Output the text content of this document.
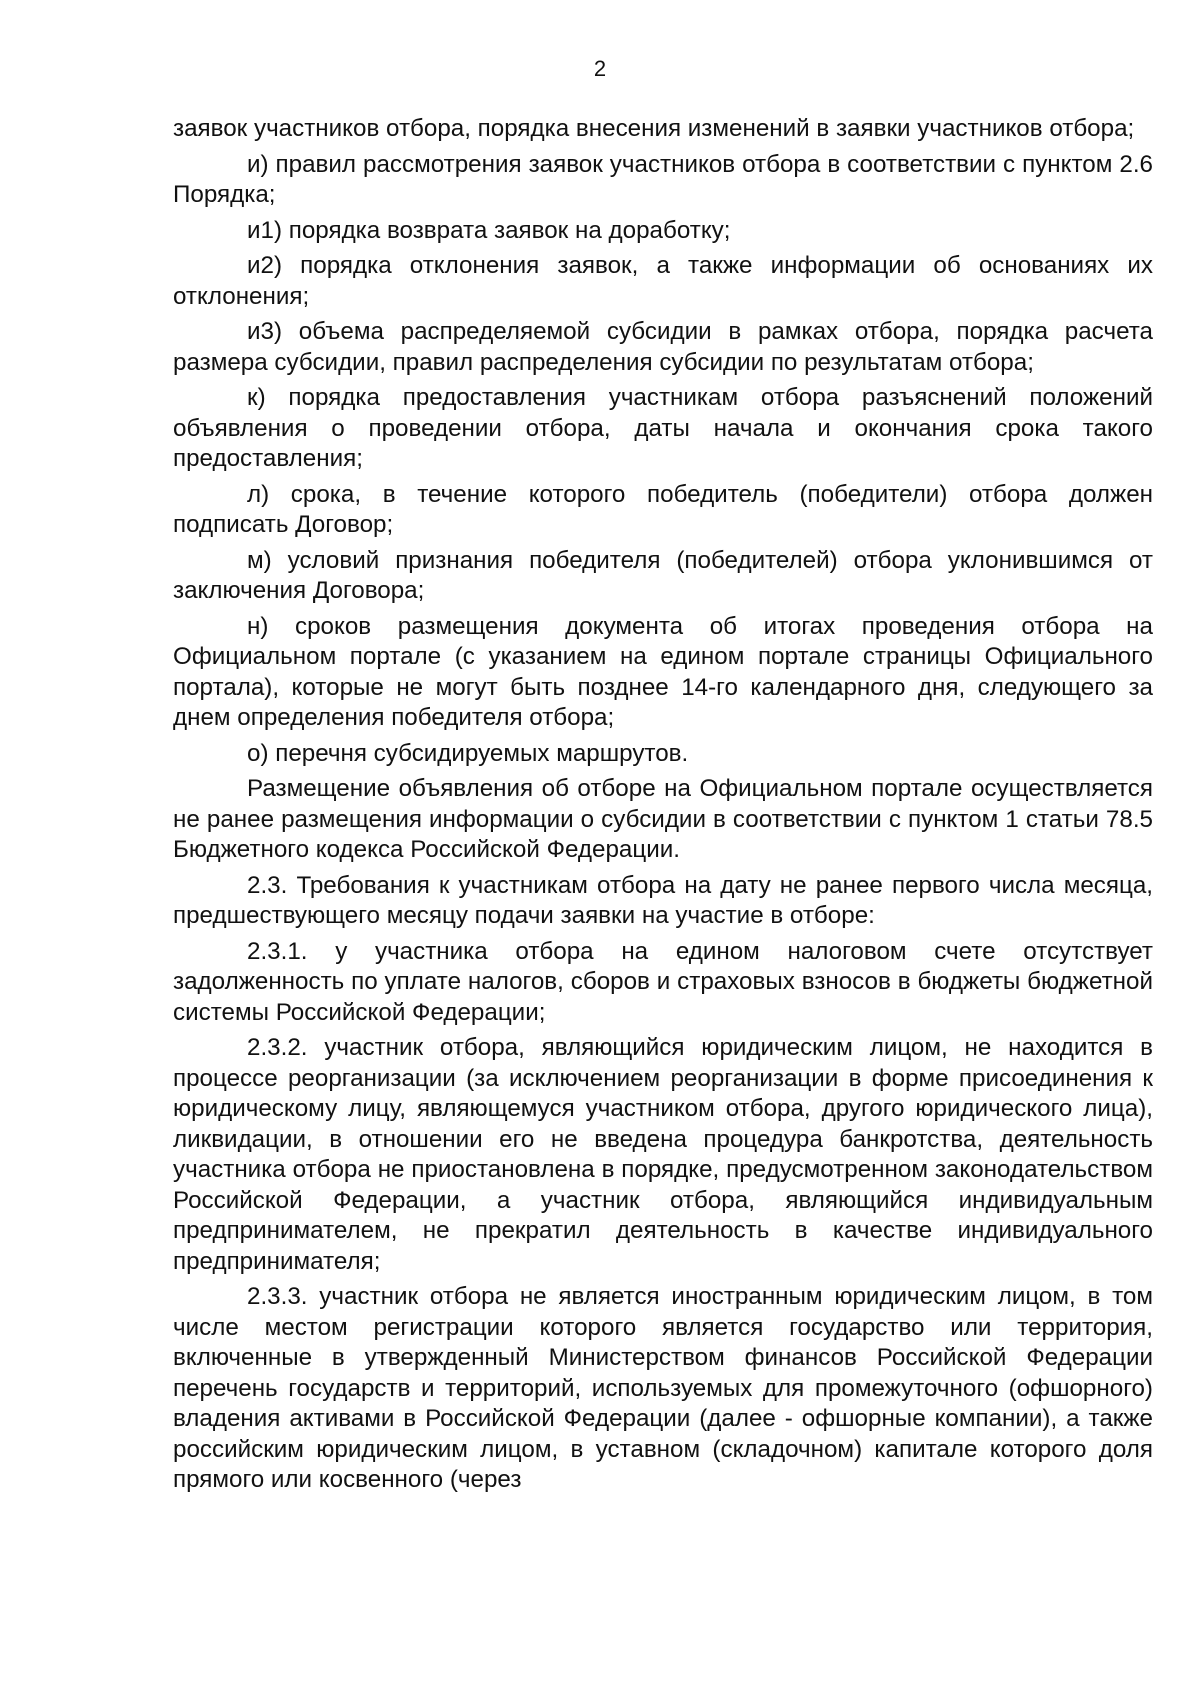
2

заявок участников отбора, порядка внесения изменений в заявки участников отбора;

и) правил рассмотрения заявок участников отбора в соответствии с пунктом 2.6 Порядка;

и1) порядка возврата заявок на доработку;

и2) порядка отклонения заявок, а также информации об основаниях их отклонения;

и3) объема распределяемой субсидии в рамках отбора, порядка расчета размера субсидии, правил распределения субсидии по результатам отбора;

к) порядка предоставления участникам отбора разъяснений положений объявления о проведении отбора, даты начала и окончания срока такого предоставления;

л) срока, в течение которого победитель (победители) отбора должен подписать Договор;

м) условий признания победителя (победителей) отбора уклонившимся от заключения Договора;

н) сроков размещения документа об итогах проведения отбора на Официальном портале (с указанием на едином портале страницы Официального портала), которые не могут быть позднее 14-го календарного дня, следующего за днем определения победителя отбора;

о) перечня субсидируемых маршрутов.

Размещение объявления об отборе на Официальном портале осуществляется не ранее размещения информации о субсидии в соответствии с пунктом 1 статьи 78.5 Бюджетного кодекса Российской Федерации.

2.3. Требования к участникам отбора на дату не ранее первого числа месяца, предшествующего месяцу подачи заявки на участие в отборе:

2.3.1. у участника отбора на едином налоговом счете отсутствует задолженность по уплате налогов, сборов и страховых взносов в бюджеты бюджетной системы Российской Федерации;

2.3.2. участник отбора, являющийся юридическим лицом, не находится в процессе реорганизации (за исключением реорганизации в форме присоединения к юридическому лицу, являющемуся участником отбора, другого юридического лица), ликвидации, в отношении его не введена процедура банкротства, деятельность участника отбора не приостановлена в порядке, предусмотренном законодательством Российской Федерации, а участник отбора, являющийся индивидуальным предпринимателем, не прекратил деятельность в качестве индивидуального предпринимателя;

2.3.3. участник отбора не является иностранным юридическим лицом, в том числе местом регистрации которого является государство или территория, включенные в утвержденный Министерством финансов Российской Федерации перечень государств и территорий, используемых для промежуточного (офшорного) владения активами в Российской Федерации (далее - офшорные компании), а также российским юридическим лицом, в уставном (складочном) капитале которого доля прямого или косвенного (через
